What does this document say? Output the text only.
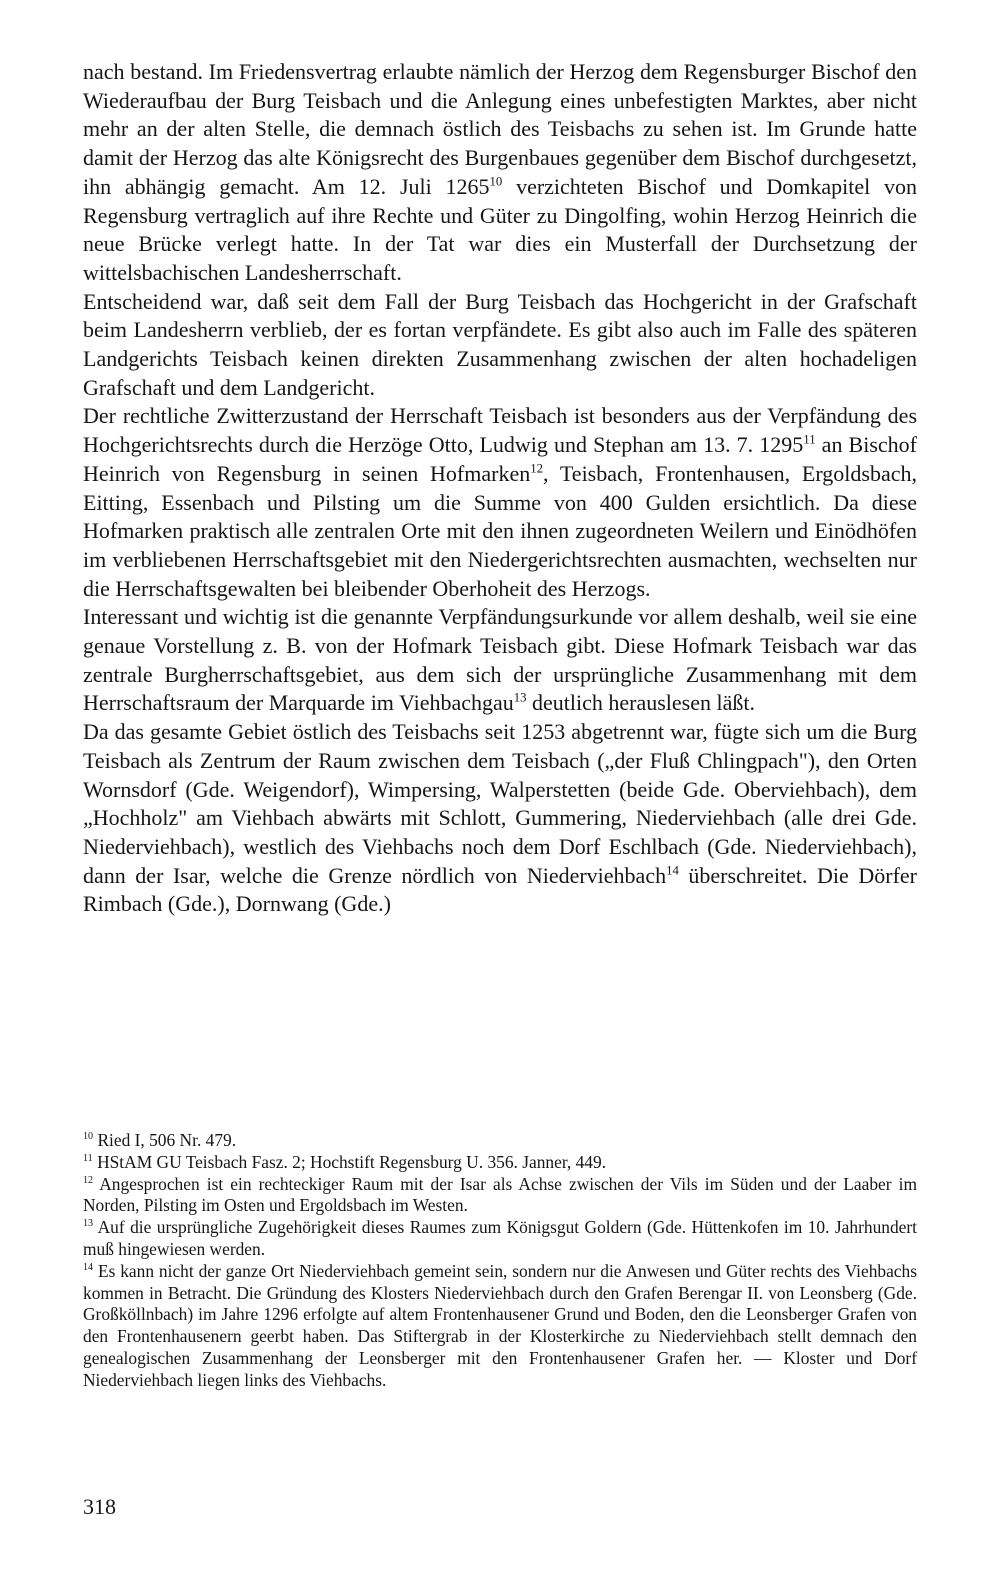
nach bestand. Im Friedensvertrag erlaubte nämlich der Herzog dem Regensburger Bischof den Wiederaufbau der Burg Teisbach und die Anlegung eines unbefestigten Marktes, aber nicht mehr an der alten Stelle, die demnach östlich des Teisbachs zu sehen ist. Im Grunde hatte damit der Herzog das alte Königsrecht des Burgenbaues gegenüber dem Bischof durchgesetzt, ihn abhängig gemacht. Am 12. Juli 1265$^{10}$ verzichteten Bischof und Domkapitel von Regensburg vertraglich auf ihre Rechte und Güter zu Dingolfing, wohin Herzog Heinrich die neue Brücke verlegt hatte. In der Tat war dies ein Musterfall der Durchsetzung der wittelsbachischen Landesherrschaft.

Entscheidend war, daß seit dem Fall der Burg Teisbach das Hochgericht in der Grafschaft beim Landesherrn verblieb, der es fortan verpfändete. Es gibt also auch im Falle des späteren Landgerichts Teisbach keinen direkten Zusammenhang zwischen der alten hochadeligen Grafschaft und dem Landgericht.

Der rechtliche Zwitterzustand der Herrschaft Teisbach ist besonders aus der Verpfändung des Hochgerichtsrechts durch die Herzöge Otto, Ludwig und Stephan am 13. 7. 1295$^{11}$ an Bischof Heinrich von Regensburg in seinen Hofmarken$^{12}$, Teisbach, Frontenhausen, Ergoldsbach, Eitting, Essenbach und Pilsting um die Summe von 400 Gulden ersichtlich. Da diese Hofmarken praktisch alle zentralen Orte mit den ihnen zugeordneten Weilern und Einödhöfen im verbliebenen Herrschaftsgebiet mit den Niedergerichtsrechten ausmachten, wechselten nur die Herrschaftsgewalten bei bleibender Oberhoheit des Herzogs.

Interessant und wichtig ist die genannte Verpfändungsurkunde vor allem deshalb, weil sie eine genaue Vorstellung z. B. von der Hofmark Teisbach gibt. Diese Hofmark Teisbach war das zentrale Burgherrschaftsgebiet, aus dem sich der ursprüngliche Zusammenhang mit dem Herrschaftsraum der Marquarde im Viehbachgau$^{13}$ deutlich herauslesen läßt.

Da das gesamte Gebiet östlich des Teisbachs seit 1253 abgetrennt war, fügte sich um die Burg Teisbach als Zentrum der Raum zwischen dem Teisbach („der Fluß Chlingpach"), den Orten Wornsdorf (Gde. Weigendorf), Wimpersing, Walperstetten (beide Gde. Oberviehbach), dem „Hochholz" am Viehbach abwärts mit Schlott, Gummering, Niederviehbach (alle drei Gde. Niederviehbach), westlich des Viehbachs noch dem Dorf Eschlbach (Gde. Niederviehbach), dann der Isar, welche die Grenze nördlich von Niederviehbach$^{14}$ überschreitet. Die Dörfer Rimbach (Gde.), Dornwang (Gde.)

$^{10}$ Ried I, 506 Nr. 479.

$^{11}$ HStAM GU Teisbach Fasz. 2; Hochstift Regensburg U. 356. Janner, 449.

$^{12}$ Angesprochen ist ein rechteckiger Raum mit der Isar als Achse zwischen der Vils im Süden und der Laaber im Norden, Pilsting im Osten und Ergoldsbach im Westen.

$^{13}$ Auf die ursprüngliche Zugehörigkeit dieses Raumes zum Königsgut Goldern (Gde. Hüttenkofen im 10. Jahrhundert muß hingewiesen werden.

$^{14}$ Es kann nicht der ganze Ort Niederviehbach gemeint sein, sondern nur die Anwesen und Güter rechts des Viehbachs kommen in Betracht. Die Gründung des Klosters Niederviehbach durch den Grafen Berengar II. von Leonsberg (Gde. Großköllnbach) im Jahre 1296 erfolgte auf altem Frontenhausener Grund und Boden, den die Leonsberger Grafen von den Frontenhausenern geerbt haben. Das Stiftergrab in der Klosterkirche zu Niederviehbach stellt demnach den genealogischen Zusammenhang der Leonsberger mit den Frontenhausener Grafen her. — Kloster und Dorf Niederviehbach liegen links des Viehbachs.

318
